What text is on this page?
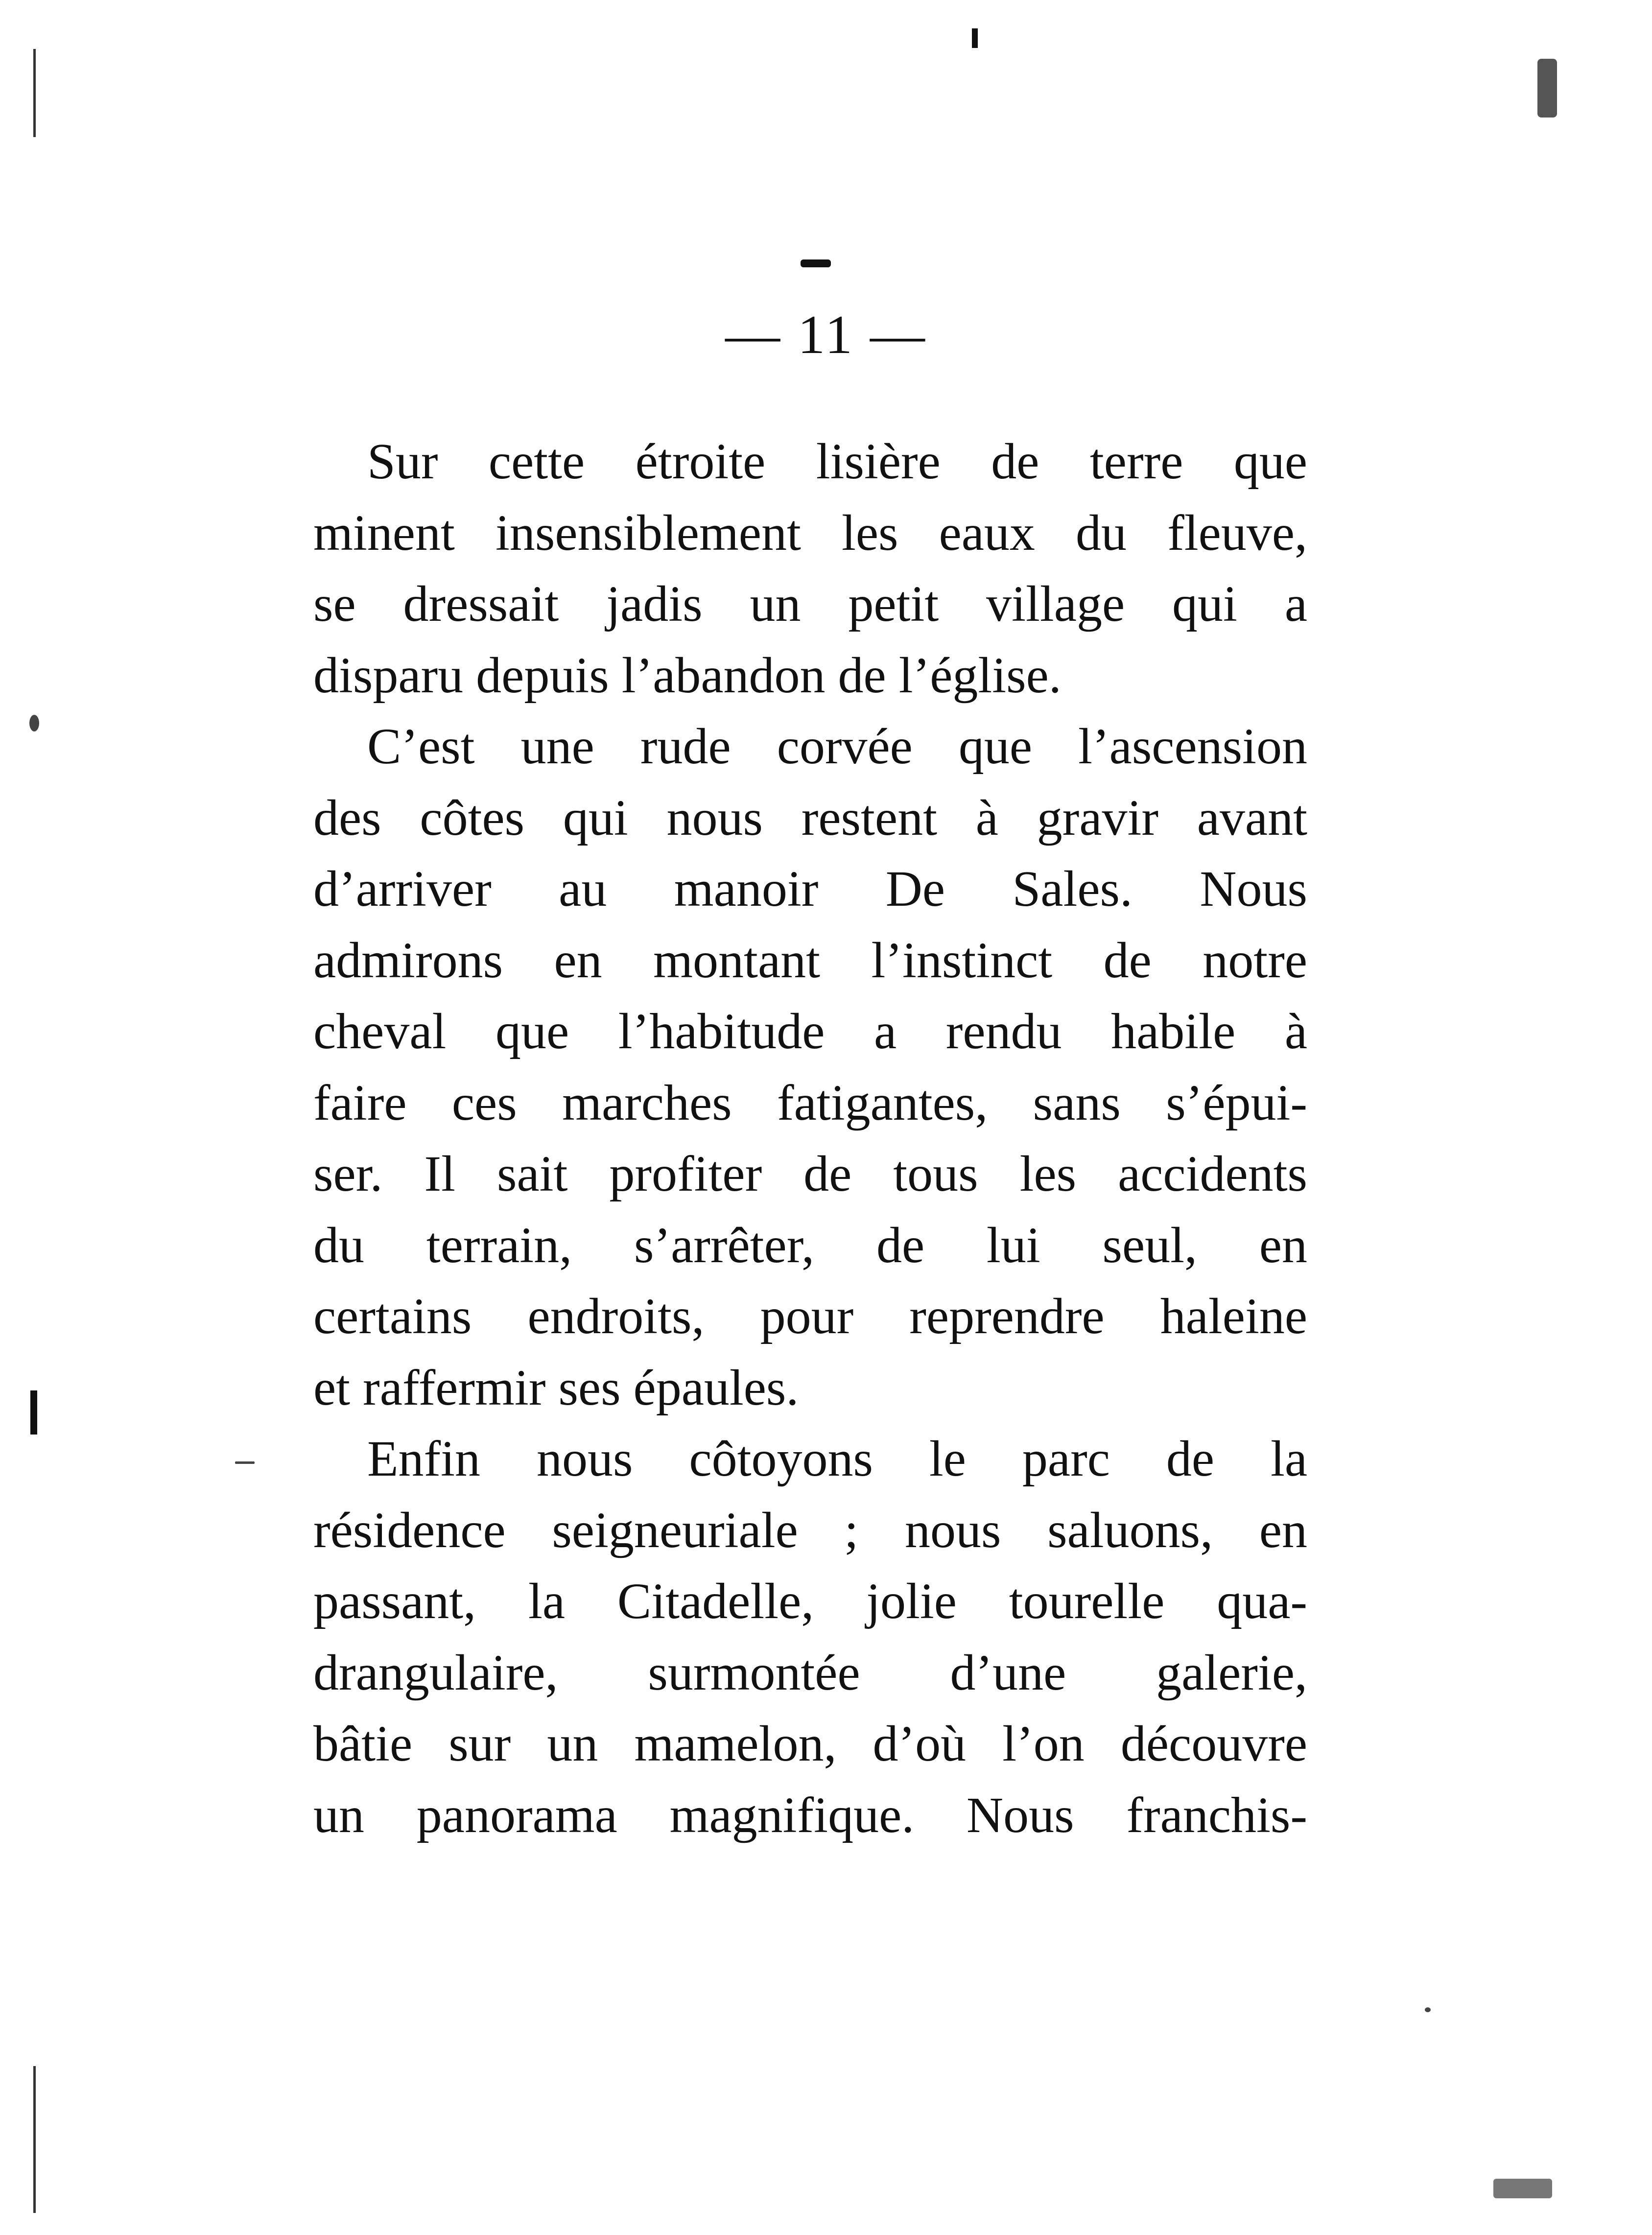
— 11 —
Sur cette étroite lisière de terre que
minent insensiblement les eaux du fleuve,
se dressait jadis un petit village qui a
disparu depuis l’abandon de l’église.
C’est une rude corvée que l’ascension
des côtes qui nous restent à gravir avant
d’arriver au manoir De Sales. Nous
admirons en montant l’instinct de notre
cheval que l’habitude a rendu habile à
faire ces marches fatigantes, sans s’épui-
ser. Il sait profiter de tous les accidents
du terrain, s’arrêter, de lui seul, en
certains endroits, pour reprendre haleine
et raffermir ses épaules.
Enfin nous côtoyons le parc de la
résidence seigneuriale ; nous saluons, en
passant, la Citadelle, jolie tourelle qua-
drangulaire, surmontée d’une galerie,
bâtie sur un mamelon, d’où l’on découvre
un panorama magnifique. Nous franchis-
